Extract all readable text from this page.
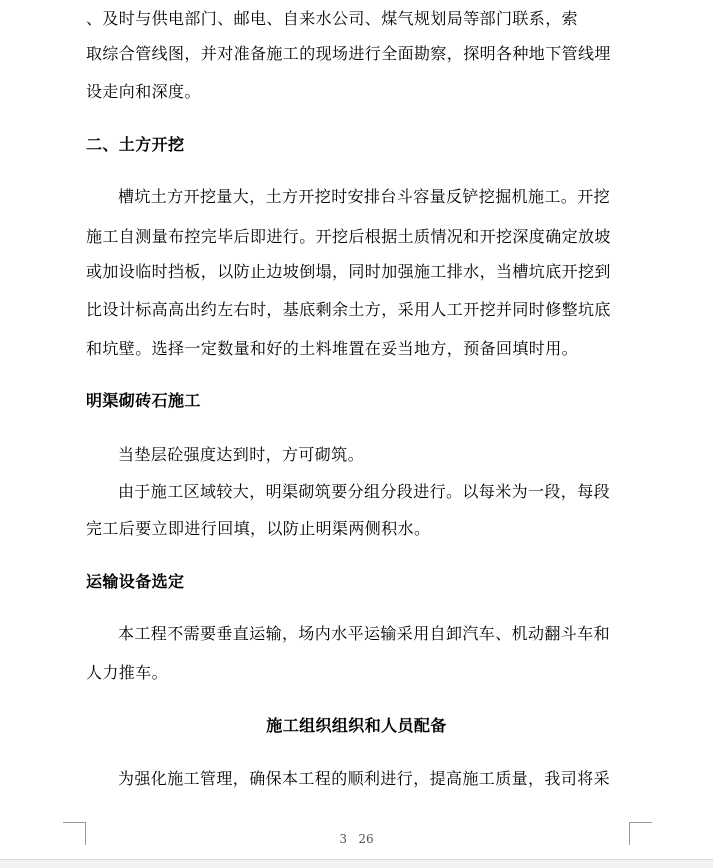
、及时与供电部门、邮电、自来水公司、煤气规划局等部门联系，索
取综合管线图，并对准备施工的现场进行全面勘察，探明各种地下管线埋
设走向和深度。
二、土方开挖
槽坑土方开挖量大，土方开挖时安排台斗容量反铲挖掘机施工。开挖
施工自测量布控完毕后即进行。开挖后根据土质情况和开挖深度确定放坡
或加设临时挡板，以防止边坡倒塌，同时加强施工排水，当槽坑底开挖到
比设计标高高出约左右时，基底剩余土方，采用人工开挖并同时修整坑底
和坑壁。选择一定数量和好的土料堆置在妥当地方，预备回填时用。
明渠砌砖石施工
当垫层砼强度达到时，方可砌筑。
由于施工区域较大，明渠砌筑要分组分段进行。以每米为一段，每段
完工后要立即进行回填，以防止明渠两侧积水。
运输设备选定
本工程不需要垂直运输，场内水平运输采用自卸汽车、机动翻斗车和
人力推车。
施工组织组织和人员配备
为强化施工管理，确保本工程的顺利进行，提高施工质量，我司将采
3 26
